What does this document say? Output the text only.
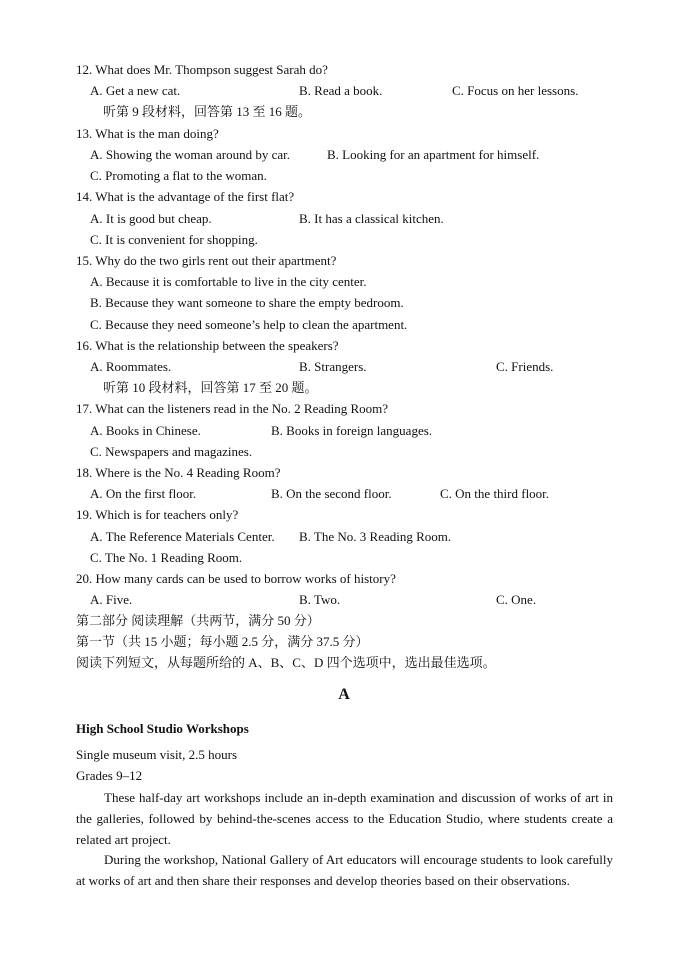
12. What does Mr. Thompson suggest Sarah do?
A. Get a new cat.	B. Read a book.	C. Focus on her lessons.
听第 9 段材料，回答第 13 至 16 题。
13. What is the man doing?
A. Showing the woman around by car.	B. Looking for an apartment for himself.
C. Promoting a flat to the woman.
14. What is the advantage of the first flat?
A. It is good but cheap.	B. It has a classical kitchen.
C. It is convenient for shopping.
15. Why do the two girls rent out their apartment?
A. Because it is comfortable to live in the city center.
B. Because they want someone to share the empty bedroom.
C. Because they need someone’s help to clean the apartment.
16. What is the relationship between the speakers?
A. Roommates.	B. Strangers.	C. Friends.
听第 10 段材料，回答第 17 至 20 题。
17. What can the listeners read in the No. 2 Reading Room?
A. Books in Chinese.	B. Books in foreign languages.
C. Newspapers and magazines.
18. Where is the No. 4 Reading Room?
A. On the first floor.	B. On the second floor.	C. On the third floor.
19. Which is for teachers only?
A. The Reference Materials Center. B. The No. 3 Reading Room.
C. The No. 1 Reading Room.
20. How many cards can be used to borrow works of history?
A. Five.	B. Two.	C. One.
第二部分 阅读理解（共两节，满分 50 分）
第一节（共 15 小题；每小题 2.5 分，满分 37.5 分）
阅读下列短文，从每题所给的 A、B、C、D 四个选项中，选出最佳选项。
A
High School Studio Workshops
Single museum visit, 2.5 hours
Grades 9–12
These half-day art workshops include an in-depth examination and discussion of works of art in the galleries, followed by behind-the-scenes access to the Education Studio, where students create a related art project.
During the workshop, National Gallery of Art educators will encourage students to look carefully at works of art and then share their responses and develop theories based on their observations.
